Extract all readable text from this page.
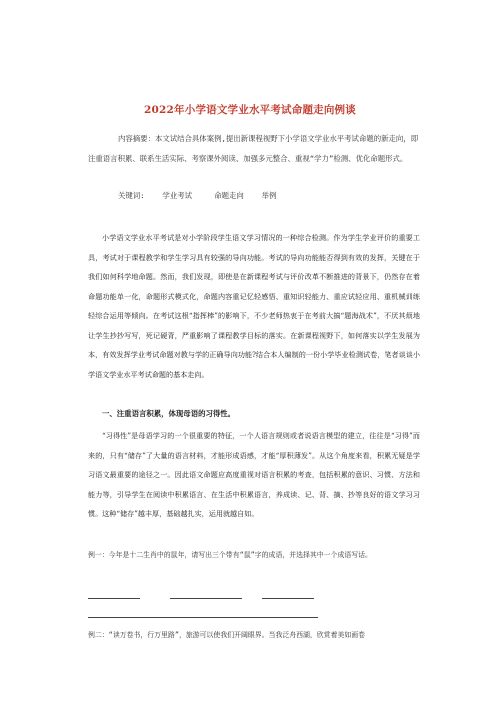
2022年小学语文学业水平考试命题走向例谈
内容摘要：本文试结合具体案例,提出新课程视野下小学语文学业水平考试命题的新走向，即注重语言积累、联系生活实际、考察课外阅读、加强多元整合、重视“学力”检测、优化命题形式。
关键词:    学业考试     命题走向    举例
小学语文学业水平考试是对小学阶段学生语文学习情况的一种综合检测。作为学生学业评价的重要工具，考试对于课程教学和学生学习具有较强的导向功能。考试的导向功能能否得到有效的发挥，关键在于我们如何科学地命题。然而，我们发现，即使是在新课程考试与评价改革不断推进的背景下，仍然存在着命题功能单一化，命题形式模式化，命题内容重记忆轻感悟、重知识轻能力、重应试轻应用、重机械训练轻综合运用等倾向。在考试这根“指挥棒”的影响下，不少老师热衷于在考前大搞“题海战术”，不厌其烦地让学生抄抄写写，死记硬背，严重影响了课程教学目标的落实。在新课程视野下，如何落实以学生发展为本，有效发挥学业考试命题对教与学的正确导向功能?结合本人编制的一份小学毕业检测试卷，笔者谈谈小学语文学业水平考试命题的基本走向。
一、注重语言积累，体现母语的习得性。
“习得性”是母语学习的一个很重要的特征，一个人语言规则或者说语言模型的建立，往往是“习得”而来的，只有“储存”了大量的语言材料，才能形成语感，才能“厚积薄发”。从这个角度来看，积累无疑是学习语文最重要的途径之一。因此语文命题应高度重视对语言积累的考查，包括积累的意识、习惯、方法和能力等，引导学生在阅读中积累语言、在生活中积累语言，养成读、记、背、摘、抄等良好的语文学习习惯。这种“储存”越丰厚，基础越扎实，运用就越自如。
例一：今年是十二生肖中的鼠年，请写出三个带有“鼠”字的成语，并选择其中一个成语写话。
例二：“读万卷书，行万里路”，旅游可以使我们开阔眼界。当我泛舟西湖，欣赏着美如画卷
